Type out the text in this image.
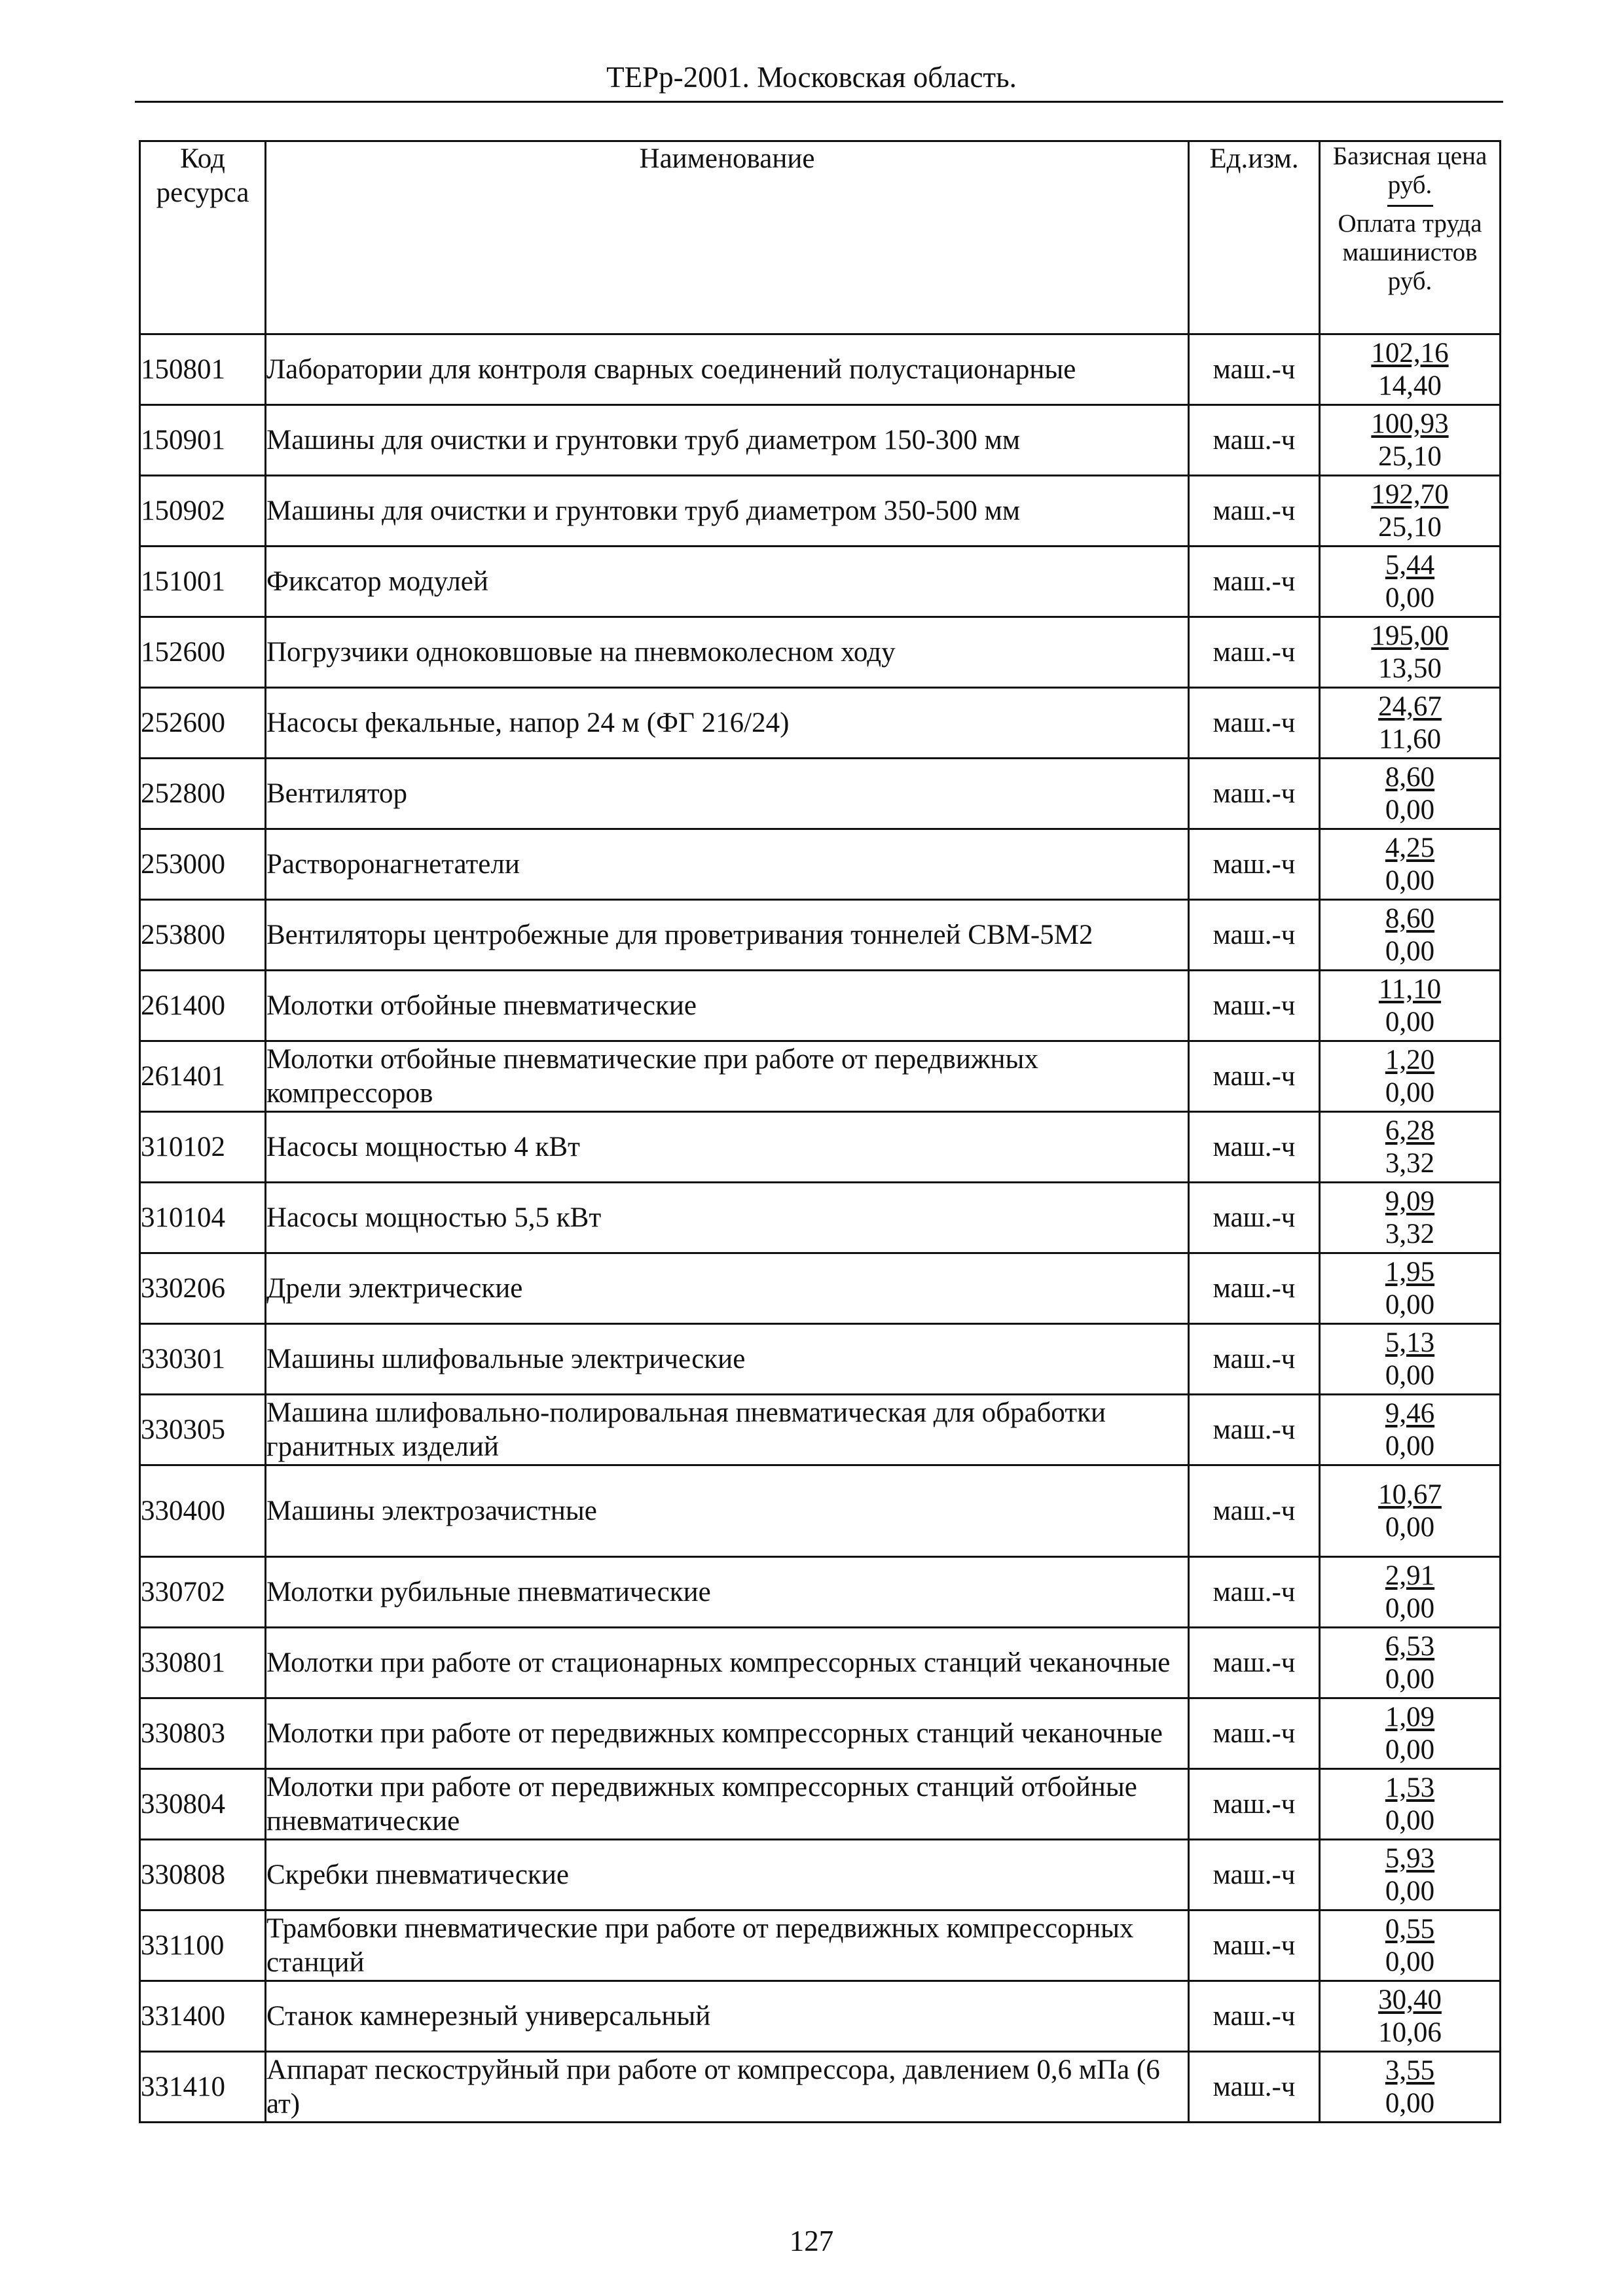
ТЕРр-2001. Московская область.
Код ресурса	Наименование	Ед.изм.	Базисная цена руб.
Оплата труда машинистов руб.
150801	Лаборатории для контроля сварных соединений полустационарные	маш.-ч	102,16
14,40

150901	Машины для очистки и грунтовки труб диаметром 150-300 мм	маш.-ч	100,93
25,10

150902	Машины для очистки и грунтовки труб диаметром 350-500 мм	маш.-ч	192,70
25,10

151001	Фиксатор модулей	маш.-ч	5,44
0,00

152600	Погрузчики одноковшовые на пневмоколесном ходу	маш.-ч	195,00
13,50

252600	Насосы фекальные, напор 24 м (ФГ 216/24)	маш.-ч	24,67
11,60

252800	Вентилятор	маш.-ч	8,60
0,00

253000	Растворонагнетатели	маш.-ч	4,25
0,00

253800	Вентиляторы центробежные для проветривания тоннелей СВМ-5М2	маш.-ч	8,60
0,00

261400	Молотки отбойные пневматические	маш.-ч	11,10
0,00

261401	Молотки отбойные пневматические при работе от передвижных компрессоров	маш.-ч	1,20
0,00

310102	Насосы мощностью 4 кВт	маш.-ч	6,28
3,32

310104	Насосы мощностью 5,5 кВт	маш.-ч	9,09
3,32

330206	Дрели электрические	маш.-ч	1,95
0,00

330301	Машины шлифовальные электрические	маш.-ч	5,13
0,00

330305	Машина шлифовально-полировальная пневматическая для обработки гранитных изделий	маш.-ч	9,46
0,00

330400	Машины электрозачистные	маш.-ч	10,67
0,00

330702	Молотки рубильные пневматические	маш.-ч	2,91
0,00

330801	Молотки при работе от стационарных компрессорных станций чеканочные	маш.-ч	6,53
0,00

330803	Молотки при работе от передвижных компрессорных станций чеканочные	маш.-ч	1,09
0,00

330804	Молотки при работе от передвижных компрессорных станций отбойные пневматические	маш.-ч	1,53
0,00

330808	Скребки пневматические	маш.-ч	5,93
0,00

331100	Трамбовки пневматические при работе от передвижных компрессорных станций	маш.-ч	0,55
0,00

331400	Станок камнерезный универсальный	маш.-ч	30,40
10,06

331410	Аппарат пескоструйный при работе от компрессора, давлением 0,6 мПа (6 ат)	маш.-ч	3,55
0,00
127
